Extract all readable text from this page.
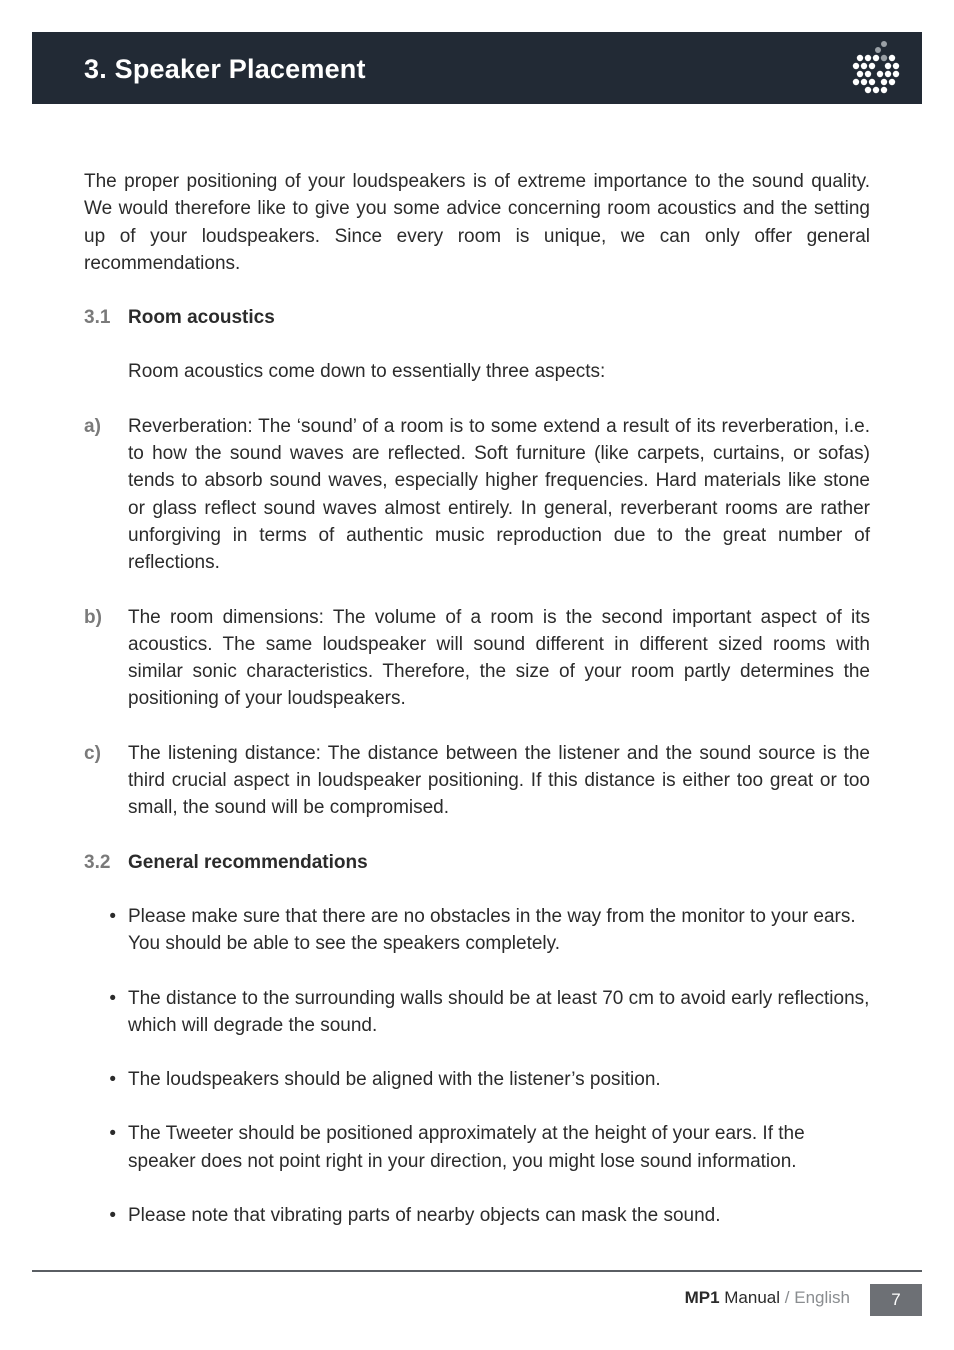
3. Speaker Placement

The proper positioning of your loudspeakers is of extreme importance to the sound quality. We would therefore like to give you some advice concerning room acoustics and the setting up of your loudspeakers. Since every room is unique, we can only offer general recommendations.

3.1 Room acoustics

Room acoustics come down to essentially three aspects:

a)	Reverberation: The ‘sound’ of a room is to some extend a result of its reverberation, i.e. to how the sound waves are reflected. Soft furniture (like carpets, curtains, or sofas) tends to absorb sound waves, especially higher frequencies. Hard materials like stone or glass reflect sound waves almost entirely. In general, reverberant rooms are rather unforgiving in terms of authentic music reproduction due to the great number of reflections.
b)	The room dimensions: The volume of a room is the second important aspect of its acoustics. The same loudspeaker will sound different in different sized rooms with similar sonic characteristics. Therefore, the size of your room partly determines the positioning of your loudspeakers.
c)	The listening distance: The distance between the listener and the sound source is the third crucial aspect in loudspeaker positioning. If this distance is either too great or too small, the sound will be compromised.
3.2 General recommendations
• Please make sure that there are no obstacles in the way from the monitor to your ears. You should be able to see the speakers completely.
• The distance to the surrounding walls should be at least 70 cm to avoid early reflections, which will degrade the sound.
• The loudspeakers should be aligned with the listener’s position.
• The Tweeter should be positioned approximately at the height of your ears. If the speaker does not point right in your direction, you might lose sound information.
• Please note that vibrating parts of nearby objects can mask the sound.
MP1 Manual / English	7
